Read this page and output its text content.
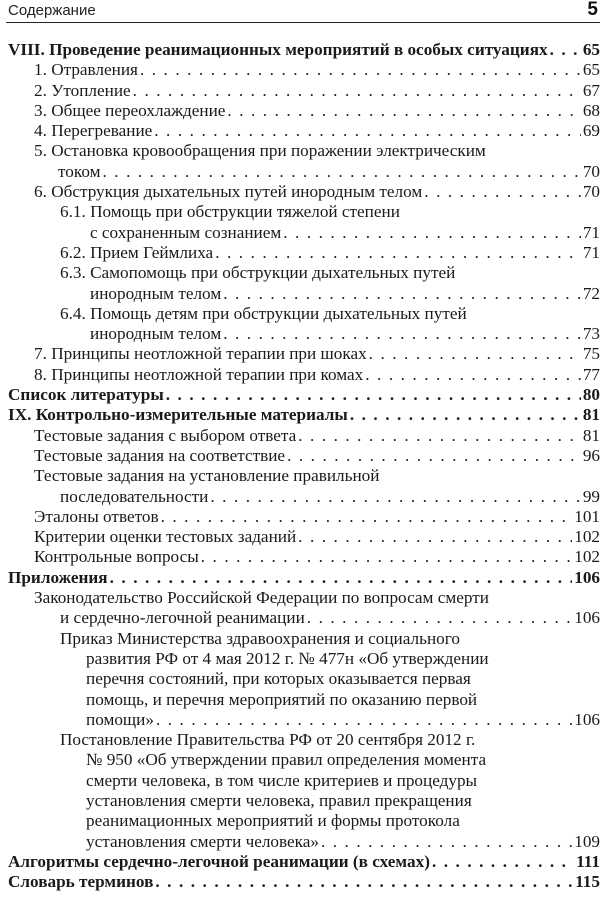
Содержание	5
VIII. Проведение реанимационных мероприятий в особых ситуациях . . . 65
1. Отравления . . .	65
2. Утопление . . .	67
3. Общее переохлаждение . . .	68
4. Перегревание . . .	69
5. Остановка кровообращения при поражении электрическим
током . . .	70
6. Обструкция дыхательных путей инородным телом . . .	70
6.1. Помощь при обструкции тяжелой степени
с сохраненным сознанием . . .	71
6.2. Прием Геймлиха . . .	71
6.3. Самопомощь при обструкции дыхательных путей
инородным телом . . .	72
6.4. Помощь детям при обструкции дыхательных путей
инородным телом . . .	73
7. Принципы неотложной терапии при шоках . . .	75
8. Принципы неотложной терапии при комах . . .	77
Список литературы . . .	80
IX. Контрольно-измерительные материалы . . .	81
Тестовые задания с выбором ответа . . .	81
Тестовые задания на соответствие . . .	96
Тестовые задания на установление правильной
последовательности . . .	99
Эталоны ответов . . .	101
Критерии оценки тестовых заданий . . .	102
Контрольные вопросы . . .	102
Приложения . . .	106
Законодательство Российской Федерации по вопросам смерти
и сердечно-легочной реанимации . . .	106
Приказ Министерства здравоохранения и социального
развития РФ от 4 мая 2012 г. № 477н «Об утверждении
перечня состояний, при которых оказывается первая
помощь, и перечня мероприятий по оказанию первой
помощи» . . .	106
Постановление Правительства РФ от 20 сентября 2012 г.
№ 950 «Об утверждении правил определения момента
смерти человека, в том числе критериев и процедуры
установления смерти человека, правил прекращения
реанимационных мероприятий и формы протокола
установления смерти человека» . . .	109
Алгоритмы сердечно-легочной реанимации (в схемах) . . .	111
Словарь терминов . . .	115
